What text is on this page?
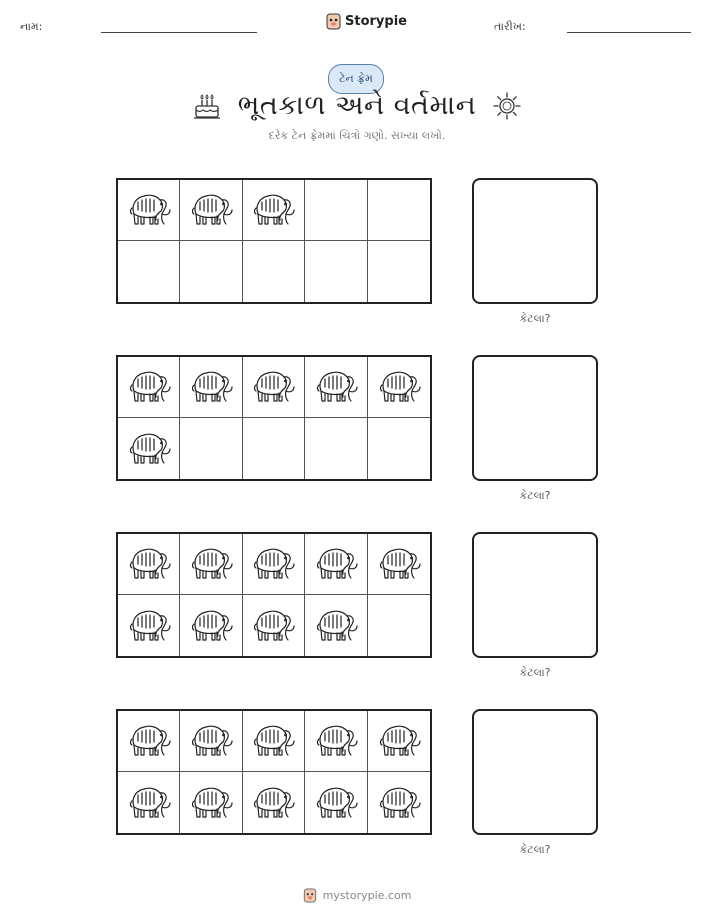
નામ:	Storypie	તારીખ:
ટેન ફ્રેમ
ભૂતકાળ અને વર્તમાન
દરેક ટેન ફ્રેમમાં ચિત્રો ગણો. સંખ્યા લખો.
કેટલા?
કેટલા?
કેટલા?
કેટલા?
mystorypie.com
